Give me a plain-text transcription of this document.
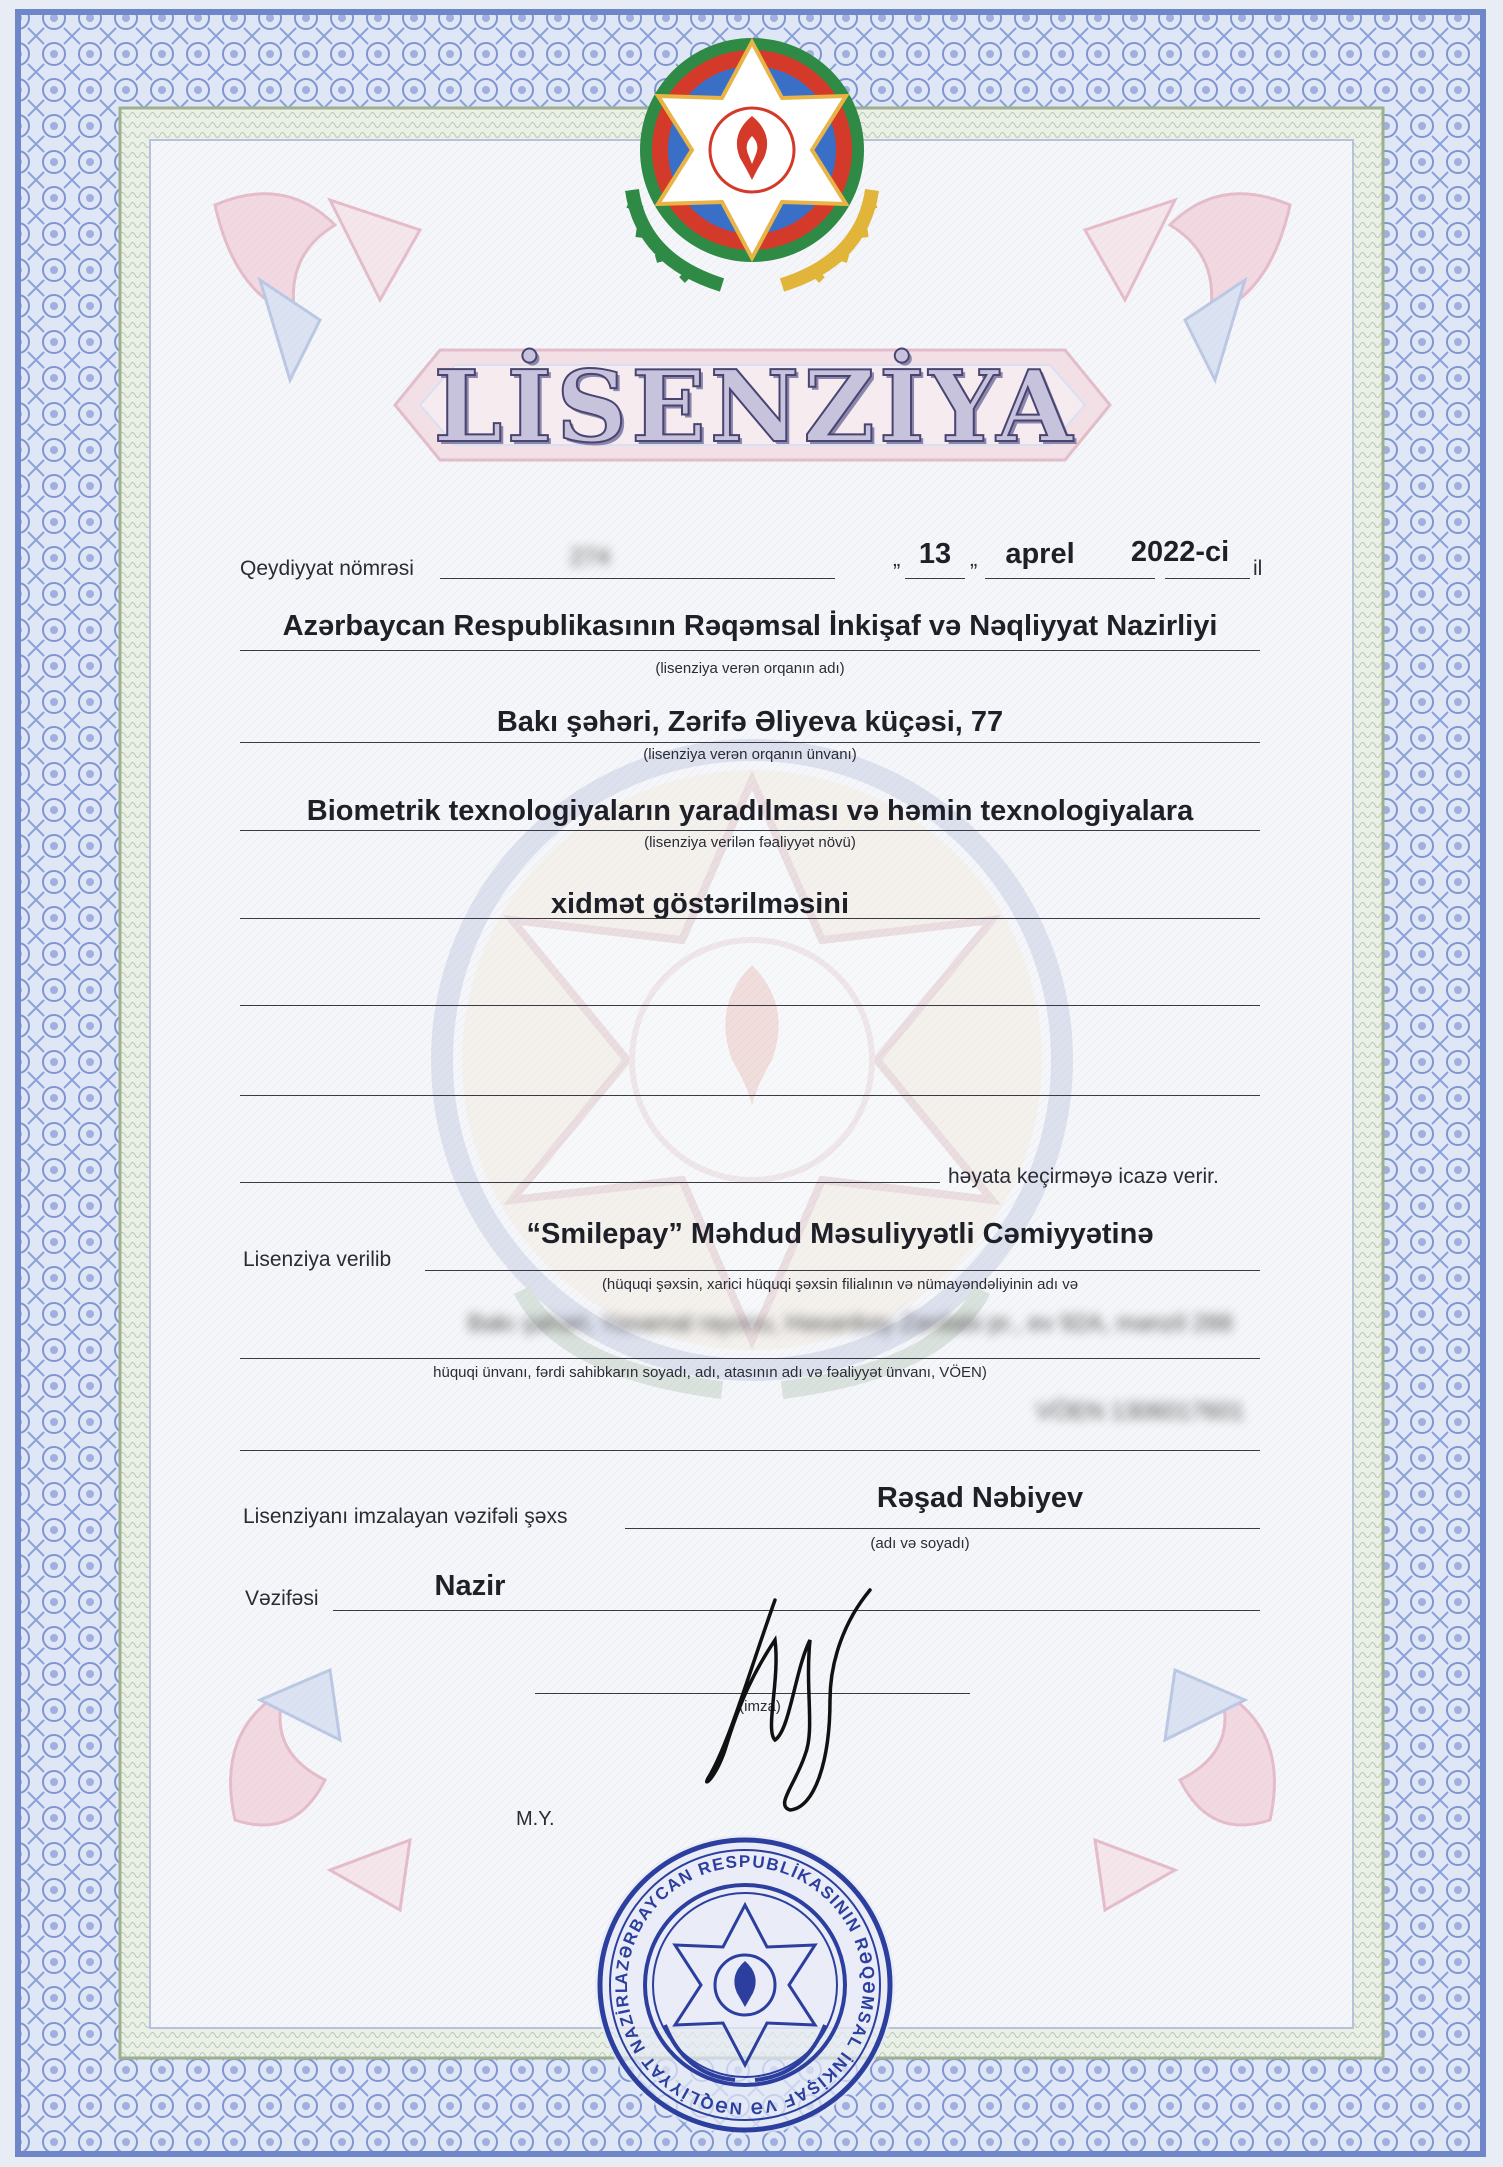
LİSENZİYA
Qeydiyyat nömrəsi	274	„ 13 „ aprel	2022-ci
il
Azərbaycan Respublikasının Rəqəmsal İnkişaf və Nəqliyyat Nazirliyi
(lisenziya verən orqanın adı)
Bakı şəhəri, Zərifə Əliyeva küçəsi, 77
(lisenziya verən orqanın ünvanı)
Biometrik texnologiyaların yaradılması və həmin texnologiyalara
(lisenziya verilən fəaliyyət növü)
xidmət göstərilməsini
həyata keçirməyə icazə verir.
“Smilepay” Məhdud Məsuliyyətli Cəmiyyətinə
Lisenziya verilib
(hüquqi şəxsin, xarici hüquqi şəxsin filialının və nümayəndəliyinin adı və
Bakı şəhəri, Yasamal rayonu, Həsənbəy Zərdabi pr., ev 92A, mənzil 288
hüquqi ünvanı, fərdi sahibkarın soyadı, adı, atasının adı və fəaliyyət ünvanı, VÖEN)
VÖEN 1306017601
Rəşad Nəbiyev
Lisenziyanı imzalayan vəzifəli şəxs
(adı və soyadı)
Nazir
Vəzifəsi
(imza)
M.Y.
AZƏRBAYCAN RESPUBLİKASININ RƏQƏMSAL İNKİŞAF VƏ NƏQLİYYAT NAZİRL
